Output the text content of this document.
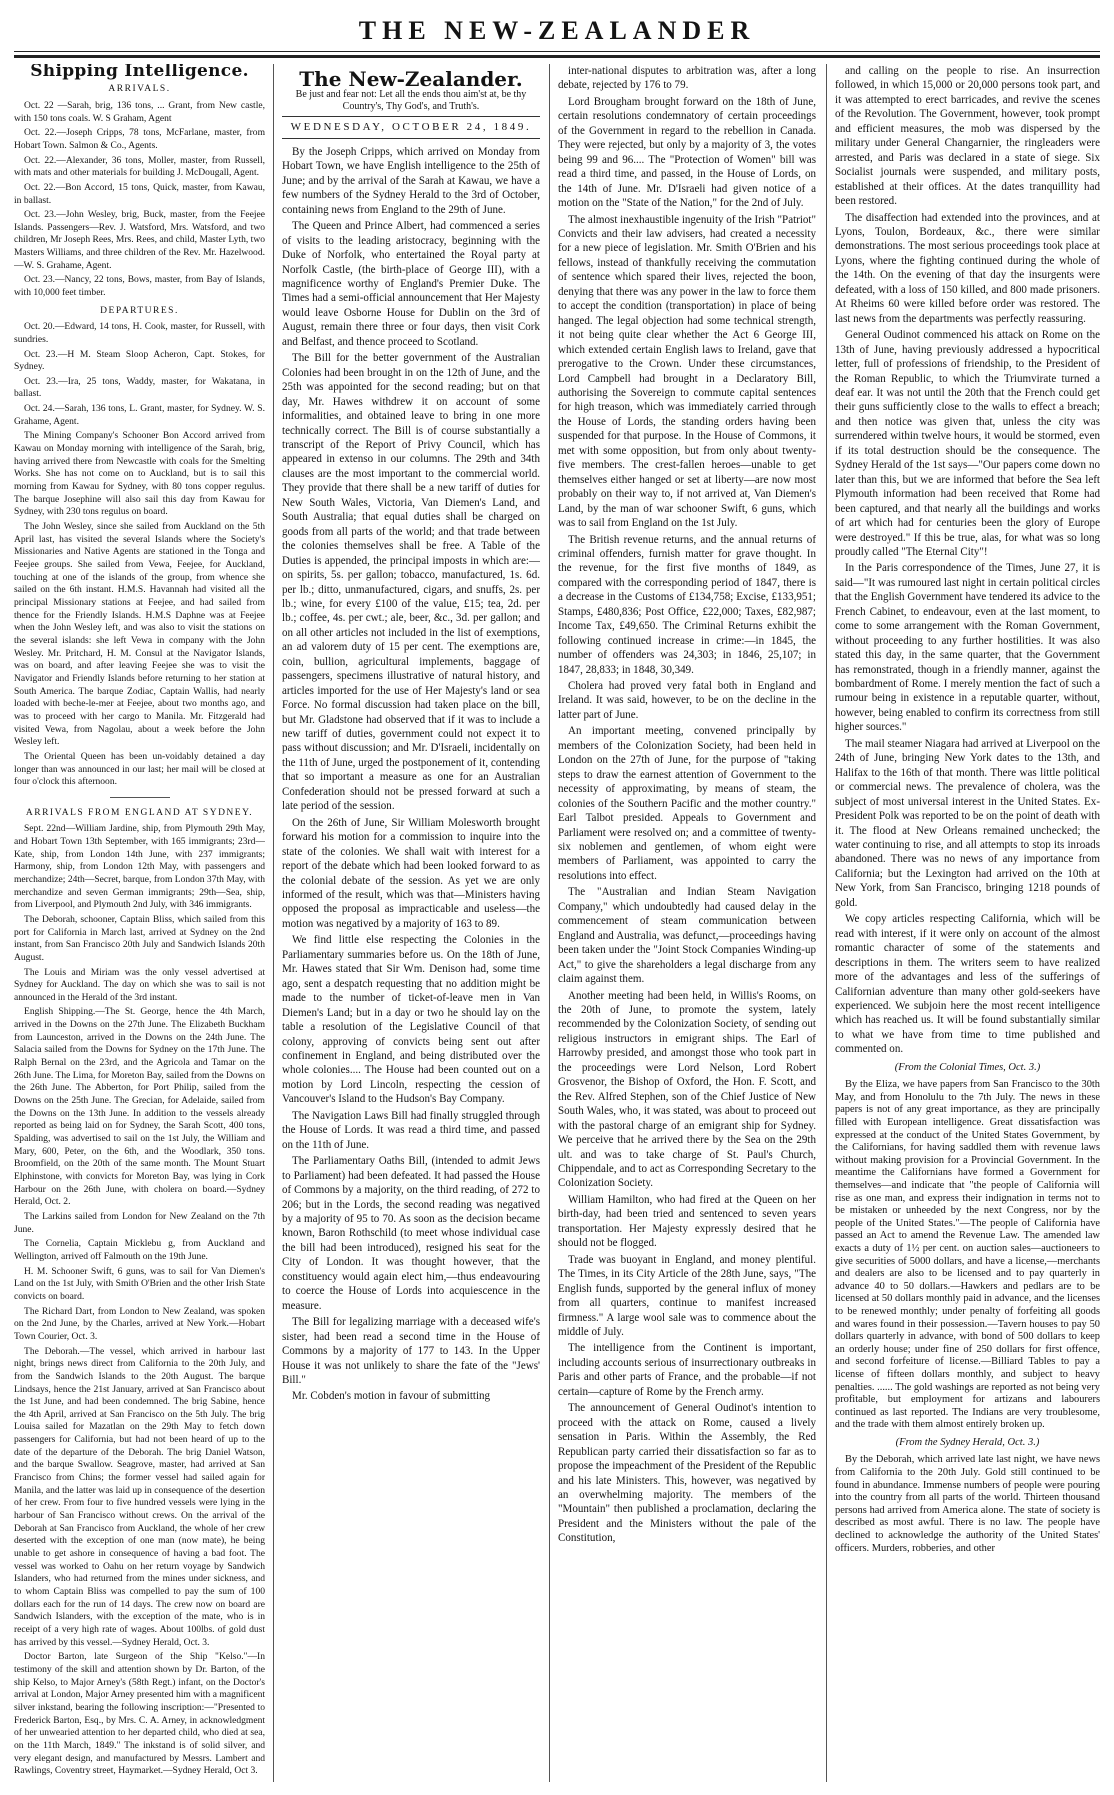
THE NEW-ZEALANDER
Shipping Intelligence.
ARRIVALS.

Oct. 22 —Sarah, brig, 136 tons, ... Grant, from New castle, with 150 tons coals. W. S Graham, Agent

Oct. 22.—Joseph Cripps, 78 tons, McFarlane, master, from Hobart Town. Salmon & Co., Agents.

Oct. 22.—Alexander, 36 tons, Moller, master, from Russell, with mats and other materials for building J. McDougall, Agent.

Oct. 22.—Bon Accord, 15 tons, Quick, master, from Kawau, in ballast.

Oct. 23.—John Wesley, brig, Buck, master, from the Feejee Islands. Passengers—Rev. J. Watsford, Mrs. Watsford, and two children, Mr Joseph Rees, Mrs. Rees, and child, Master Lyth, two Masters Williams, and three children of the Rev. Mr. Hazelwood.—W. S. Grahame, Agent.

Oct. 23.—Nancy, 22 tons, Bows, master, from Bay of Islands, with 10,000 feet timber.

DEPARTURES.

Oct. 20.—Edward, 14 tons, H. Cook, master, for Russell, with sundries.

Oct. 23.—H M. Steam Sloop Acheron, Capt. Stokes, for Sydney.

Oct. 23.—Ira, 25 tons, Waddy, master, for Wakatana, in ballast.

Oct. 24.—Sarah, 136 tons, L. Grant, master, for Sydney. W. S. Grahame, Agent.

The Mining Company's Schooner Bon Accord arrived from Kawau on Monday morning with intelligence of the Sarah, brig, having arrived there from Newcastle with coals for the Smelting Works. She has not come on to Auckland, but is to sail this morning from Kawau for Sydney, with 80 tons copper regulus. The barque Josephine will also sail this day from Kawau for Sydney, with 230 tons regulus on board.

The John Wesley, since she sailed from Auckland on the 5th April last, has visited the several Islands where the Society's Missionaries and Native Agents are stationed in the Tonga and Feejee groups. She sailed from Vewa, Feejee, for Auckland, touching at one of the islands of the group, from whence she sailed on the 6th instant. H.M.S. Havannah had visited all the principal Missionary stations at Feejee, and had sailed from thence for the Friendly Islands. H.M.S Daphne was at Feejee when the John Wesley left, and was also to visit the stations on the several islands: she left Vewa in company with the John Wesley. Mr. Pritchard, H. M. Consul at the Navigator Islands, was on board, and after leaving Feejee she was to visit the Navigator and Friendly Islands before returning to her station at South America. The barque Zodiac, Captain Wallis, had nearly loaded with beche-le-mer at Feejee, about two months ago, and was to proceed with her cargo to Manila. Mr. Fitzgerald had visited Vewa, from Nagolau, about a week before the John Wesley left.

The Oriental Queen has been un-voidably detained a day longer than was announced in our last; her mail will be closed at four o'clock this afternoon.

ARRIVALS FROM ENGLAND AT SYDNEY.

Sept. 22nd—William Jardine, ship, from Plymouth 29th May, and Hobart Town 13th September, with 165 immigrants; 23rd—Kate, ship, from London 14th June, with 237 immigrants; Harmony, ship, from London 12th May, with passengers and merchandize; 24th—Secret, barque, from London 37th May, with merchandize and seven German immigrants; 29th—Sea, ship, from Liverpool, and Plymouth 2nd July, with 346 immigrants.

The Deborah, schooner, Captain Bliss, which sailed from this port for California in March last, arrived at Sydney on the 2nd instant, from San Francisco 20th July and Sandwich Islands 20th August.

The Louis and Miriam was the only vessel advertised at Sydney for Auckland. The day on which she was to sail is not announced in the Herald of the 3rd instant.

English Shipping.—The St. George, hence the 4th March, arrived in the Downs on the 27th June. The Elizabeth Buckham from Launceston, arrived in the Downs on the 24th June. The Salacia sailed from the Downs for Sydney on the 17th June. The Ralph Bernal on the 23rd, and the Agricola and Tamar on the 26th June. The Lima, for Moreton Bay, sailed from the Downs on the 26th June. The Abberton, for Port Philip, sailed from the Downs on the 25th June. The Grecian, for Adelaide, sailed from the Downs on the 13th June. In addition to the vessels already reported as being laid on for Sydney, the Sarah Scott, 400 tons, Spalding, was advertised to sail on the 1st July, the William and Mary, 600, Peter, on the 6th, and the Woodlark, 350 tons. Broomfield, on the 20th of the same month. The Mount Stuart Elphinstone, with convicts for Moreton Bay, was lying in Cork Harbour on the 26th June, with cholera on board.—Sydney Herald, Oct. 2.

The Larkins sailed from London for New Zealand on the 7th June.

The Cornelia, Captain Micklebu g, from Auckland and Wellington, arrived off Falmouth on the 19th June.

H. M. Schooner Swift, 6 guns, was to sail for Van Diemen's Land on the 1st July, with Smith O'Brien and the other Irish State convicts on board.

The Richard Dart, from London to New Zealand, was spoken on the 2nd June, by the Charles, arrived at New York.—Hobart Town Courier, Oct. 3.

The Deborah.—The vessel, which arrived in harbour last night, brings news direct from California to the 20th July, and from the Sandwich Islands to the 20th August. The barque Lindsays, hence the 21st January, arrived at San Francisco about the 1st June, and had been condemned. The brig Sabine, hence the 4th April, arrived at San Francisco on the 5th July. The brig Louisa sailed for Mazatlan on the 29th May to fetch down passengers for California, but had not been heard of up to the date of the departure of the Deborah. The brig Daniel Watson, and the barque Swallow. Seagrove, master, had arrived at San Francisco from Chins; the former vessel had sailed again for Manila, and the latter was laid up in consequence of the desertion of her crew. From four to five hundred vessels were lying in the harbour of San Francisco without crews. On the arrival of the Deborah at San Francisco from Auckland, the whole of her crew deserted with the exception of one man (now mate), he being unable to get ashore in consequence of having a bad foot. The vessel was worked to Oahu on her return voyage by Sandwich Islanders, who had returned from the mines under sickness, and to whom Captain Bliss was compelled to pay the sum of 100 dollars each for the run of 14 days. The crew now on board are Sandwich Islanders, with the exception of the mate, who is in receipt of a very high rate of wages. About 100lbs. of gold dust has arrived by this vessel.—Sydney Herald, Oct. 3.

Doctor Barton, late Surgeon of the Ship "Kelso."—In testimony of the skill and attention shown by Dr. Barton, of the ship Kelso, to Major Arney's (58th Regt.) infant, on the Doctor's arrival at London, Major Arney presented him with a magnificent silver inkstand, bearing the following inscription:—"Presented to Frederick Barton, Esq., by Mrs. C. A. Arney, in acknowledgment of her unwearied attention to her departed child, who died at sea, on the 11th March, 1849." The inkstand is of solid silver, and very elegant design, and manufactured by Messrs. Lambert and Rawlings, Coventry street, Haymarket.—Sydney Herald, Oct 3.

The New-Zealander.
Be just and fear not: Let all the ends thou aim'st at, be thy Country's, Thy God's, and Truth's.
WEDNESDAY, OCTOBER 24, 1849.

By the Joseph Cripps, which arrived on Monday from Hobart Town, we have English intelligence to the 25th of June; and by the arrival of the Sarah at Kawau, we have a few numbers of the Sydney Herald to the 3rd of October, containing news from England to the 29th of June.

The Queen and Prince Albert, had commenced a series of visits to the leading aristocracy, beginning with the Duke of Norfolk, who entertained the Royal party at Norfolk Castle, (the birth-place of George III), with a magnificence worthy of England's Premier Duke. The Times had a semi-official announcement that Her Majesty would leave Osborne House for Dublin on the 3rd of August, remain there three or four days, then visit Cork and Belfast, and thence proceed to Scotland.

The Bill for the better government of the Australian Colonies had been brought in on the 12th of June, and the 25th was appointed for the second reading; but on that day, Mr. Hawes withdrew it on account of some informalities, and obtained leave to bring in one more technically correct. The Bill is of course substantially a transcript of the Report of Privy Council, which has appeared in extenso in our columns. The 29th and 34th clauses are the most important to the commercial world. They provide that there shall be a new tariff of duties for New South Wales, Victoria, Van Diemen's Land, and South Australia; that equal duties shall be charged on goods from all parts of the world; and that trade between the colonies themselves shall be free. A Table of the Duties is appended, the principal imposts in which are:—on spirits, 5s. per gallon; tobacco, manufactured, 1s. 6d. per lb.; ditto, unmanufactured, cigars, and snuffs, 2s. per lb.; wine, for every £100 of the value, £15; tea, 2d. per lb.; coffee, 4s. per cwt.; ale, beer, &c., 3d. per gallon; and on all other articles not included in the list of exemptions, an ad valorem duty of 15 per cent. The exemptions are, coin, bullion, agricultural implements, baggage of passengers, specimens illustrative of natural history, and articles imported for the use of Her Majesty's land or sea Force. No formal discussion had taken place on the bill, but Mr. Gladstone had observed that if it was to include a new tariff of duties, government could not expect it to pass without discussion; and Mr. D'Israeli, incidentally on the 11th of June, urged the postponement of it, contending that so important a measure as one for an Australian Confederation should not be pressed forward at such a late period of the session.

On the 26th of June, Sir William Molesworth brought forward his motion for a commission to inquire into the state of the colonies. We shall wait with interest for a report of the debate which had been looked forward to as the colonial debate of the session. As yet we are only informed of the result, which was that—Ministers having opposed the proposal as impracticable and useless—the motion was negatived by a majority of 163 to 89.

We find little else respecting the Colonies in the Parliamentary summaries before us. On the 18th of June, Mr. Hawes stated that Sir Wm. Denison had, some time ago, sent a despatch requesting that no addition might be made to the number of ticket-of-leave men in Van Diemen's Land; but in a day or two he should lay on the table a resolution of the Legislative Council of that colony, approving of convicts being sent out after confinement in England, and being distributed over the whole colonies.... The House had been counted out on a motion by Lord Lincoln, respecting the cession of Vancouver's Island to the Hudson's Bay Company.

The Navigation Laws Bill had finally struggled through the House of Lords. It was read a third time, and passed on the 11th of June.

The Parliamentary Oaths Bill, (intended to admit Jews to Parliament) had been defeated. It had passed the House of Commons by a majority, on the third reading, of 272 to 206; but in the Lords, the second reading was negatived by a majority of 95 to 70. As soon as the decision became known, Baron Rothschild (to meet whose individual case the bill had been introduced), resigned his seat for the City of London. It was thought however, that the constituency would again elect him,—thus endeavouring to coerce the House of Lords into acquiescence in the measure.

The Bill for legalizing marriage with a deceased wife's sister, had been read a second time in the House of Commons by a majority of 177 to 143. In the Upper House it was not unlikely to share the fate of the "Jews' Bill."

Mr. Cobden's motion in favour of submitting

inter-national disputes to arbitration was, after a long debate, rejected by 176 to 79.

Lord Brougham brought forward on the 18th of June, certain resolutions condemnatory of certain proceedings of the Government in regard to the rebellion in Canada. They were rejected, but only by a majority of 3, the votes being 99 and 96.... The "Protection of Women" bill was read a third time, and passed, in the House of Lords, on the 14th of June. Mr. D'Israeli had given notice of a motion on the "State of the Nation," for the 2nd of July.

The almost inexhaustible ingenuity of the Irish "Patriot" Convicts and their law advisers, had created a necessity for a new piece of legislation. Mr. Smith O'Brien and his fellows, instead of thankfully receiving the commutation of sentence which spared their lives, rejected the boon, denying that there was any power in the law to force them to accept the condition (transportation) in place of being hanged. The legal objection had some technical strength, it not being quite clear whether the Act 6 George III, which extended certain English laws to Ireland, gave that prerogative to the Crown. Under these circumstances, Lord Campbell had brought in a Declaratory Bill, authorising the Sovereign to commute capital sentences for high treason, which was immediately carried through the House of Lords, the standing orders having been suspended for that purpose. In the House of Commons, it met with some opposition, but from only about twenty-five members. The crest-fallen heroes—unable to get themselves either hanged or set at liberty—are now most probably on their way to, if not arrived at, Van Diemen's Land, by the man of war schooner Swift, 6 guns, which was to sail from England on the 1st July.

The British revenue returns, and the annual returns of criminal offenders, furnish matter for grave thought. In the revenue, for the first five months of 1849, as compared with the corresponding period of 1847, there is a decrease in the Customs of £134,758; Excise, £133,951; Stamps, £480,836; Post Office, £22,000; Taxes, £82,987; Income Tax, £49,650. The Criminal Returns exhibit the following continued increase in crime:—in 1845, the number of offenders was 24,303; in 1846, 25,107; in 1847, 28,833; in 1848, 30,349.

Cholera had proved very fatal both in England and Ireland. It was said, however, to be on the decline in the latter part of June.

An important meeting, convened principally by members of the Colonization Society, had been held in London on the 27th of June, for the purpose of "taking steps to draw the earnest attention of Government to the necessity of approximating, by means of steam, the colonies of the Southern Pacific and the mother country." Earl Talbot presided. Appeals to Government and Parliament were resolved on; and a committee of twenty-six noblemen and gentlemen, of whom eight were members of Parliament, was appointed to carry the resolutions into effect.

The "Australian and Indian Steam Navigation Company," which undoubtedly had caused delay in the commencement of steam communication between England and Australia, was defunct,—proceedings having been taken under the "Joint Stock Companies Winding-up Act," to give the shareholders a legal discharge from any claim against them.

Another meeting had been held, in Willis's Rooms, on the 20th of June, to promote the system, lately recommended by the Colonization Society, of sending out religious instructors in emigrant ships. The Earl of Harrowby presided, and amongst those who took part in the proceedings were Lord Nelson, Lord Robert Grosvenor, the Bishop of Oxford, the Hon. F. Scott, and the Rev. Alfred Stephen, son of the Chief Justice of New South Wales, who, it was stated, was about to proceed out with the pastoral charge of an emigrant ship for Sydney. We perceive that he arrived there by the Sea on the 29th ult. and was to take charge of St. Paul's Church, Chippendale, and to act as Corresponding Secretary to the Colonization Society.

William Hamilton, who had fired at the Queen on her birth-day, had been tried and sentenced to seven years transportation. Her Majesty expressly desired that he should not be flogged.

Trade was buoyant in England, and money plentiful. The Times, in its City Article of the 28th June, says, "The English funds, supported by the general influx of money from all quarters, continue to manifest increased firmness." A large wool sale was to commence about the middle of July.

The intelligence from the Continent is important, including accounts serious of insurrectionary outbreaks in Paris and other parts of France, and the probable—if not certain—capture of Rome by the French army.

The announcement of General Oudinot's intention to proceed with the attack on Rome, caused a lively sensation in Paris. Within the Assembly, the Red Republican party carried their dissatisfaction so far as to propose the impeachment of the President of the Republic and his late Ministers. This, however, was negatived by an overwhelming majority. The members of the "Mountain" then published a proclamation, declaring the President and the Ministers without the pale of the Constitution,

and calling on the people to rise. An insurrection followed, in which 15,000 or 20,000 persons took part, and it was attempted to erect barricades, and revive the scenes of the Revolution. The Government, however, took prompt and efficient measures, the mob was dispersed by the military under General Changarnier, the ringleaders were arrested, and Paris was declared in a state of siege. Six Socialist journals were suspended, and military posts, established at their offices. At the dates tranquillity had been restored.

The disaffection had extended into the provinces, and at Lyons, Toulon, Bordeaux, &c., there were similar demonstrations. The most serious proceedings took place at Lyons, where the fighting continued during the whole of the 14th. On the evening of that day the insurgents were defeated, with a loss of 150 killed, and 800 made prisoners. At Rheims 60 were killed before order was restored. The last news from the departments was perfectly reassuring.

General Oudinot commenced his attack on Rome on the 13th of June, having previously addressed a hypocritical letter, full of professions of friendship, to the President of the Roman Republic, to which the Triumvirate turned a deaf ear. It was not until the 20th that the French could get their guns sufficiently close to the walls to effect a breach; and then notice was given that, unless the city was surrendered within twelve hours, it would be stormed, even if its total destruction should be the consequence. The Sydney Herald of the 1st says—"Our papers come down no later than this, but we are informed that before the Sea left Plymouth information had been received that Rome had been captured, and that nearly all the buildings and works of art which had for centuries been the glory of Europe were destroyed." If this be true, alas, for what was so long proudly called "The Eternal City"!

In the Paris correspondence of the Times, June 27, it is said—"It was rumoured last night in certain political circles that the English Government have tendered its advice to the French Cabinet, to endeavour, even at the last moment, to come to some arrangement with the Roman Government, without proceeding to any further hostilities. It was also stated this day, in the same quarter, that the Government has remonstrated, though in a friendly manner, against the bombardment of Rome. I merely mention the fact of such a rumour being in existence in a reputable quarter, without, however, being enabled to confirm its correctness from still higher sources."

The mail steamer Niagara had arrived at Liverpool on the 24th of June, bringing New York dates to the 13th, and Halifax to the 16th of that month. There was little political or commercial news. The prevalence of cholera, was the subject of most universal interest in the United States. Ex-President Polk was reported to be on the point of death with it. The flood at New Orleans remained unchecked; the water continuing to rise, and all attempts to stop its inroads abandoned. There was no news of any importance from California; but the Lexington had arrived on the 10th at New York, from San Francisco, bringing 1218 pounds of gold.

We copy articles respecting California, which will be read with interest, if it were only on account of the almost romantic character of some of the statements and descriptions in them. The writers seem to have realized more of the advantages and less of the sufferings of Californian adventure than many other gold-seekers have experienced. We subjoin here the most recent intelligence which has reached us. It will be found substantially similar to what we have from time to time published and commented on.

(From the Colonial Times, Oct. 3.)

By the Eliza, we have papers from San Francisco to the 30th May, and from Honolulu to the 7th July. The news in these papers is not of any great importance, as they are principally filled with European intelligence. Great dissatisfaction was expressed at the conduct of the United States Government, by the Californians, for having saddled them with revenue laws without making provision for a Provincial Government. In the meantime the Californians have formed a Government for themselves—and indicate that "the people of California will rise as one man, and express their indignation in terms not to be mistaken or unheeded by the next Congress, nor by the people of the United States."—The people of California have passed an Act to amend the Revenue Law. The amended law exacts a duty of 1½ per cent. on auction sales—auctioneers to give securities of 5000 dollars, and have a license,—merchants and dealers are also to be licensed and to pay quarterly in advance 40 to 50 dollars.—Hawkers and pedlars are to be licensed at 50 dollars monthly paid in advance, and the licenses to be renewed monthly; under penalty of forfeiting all goods and wares found in their possession.—Tavern houses to pay 50 dollars quarterly in advance, with bond of 500 dollars to keep an orderly house; under fine of 250 dollars for first offence, and second forfeiture of license.—Billiard Tables to pay a license of fifteen dollars monthly, and subject to heavy penalties. ...... The gold washings are reported as not being very profitable, but employment for artizans and labourers continued as last reported. The Indians are very troublesome, and the trade with them almost entirely broken up.

(From the Sydney Herald, Oct. 3.)

By the Deborah, which arrived late last night, we have news from California to the 20th July. Gold still continued to be found in abundance. Immense numbers of people were pouring into the country from all parts of the world. Thirteen thousand persons had arrived from America alone. The state of society is described as most awful. There is no law. The people have declined to acknowledge the authority of the United States' officers. Murders, robberies, and other
